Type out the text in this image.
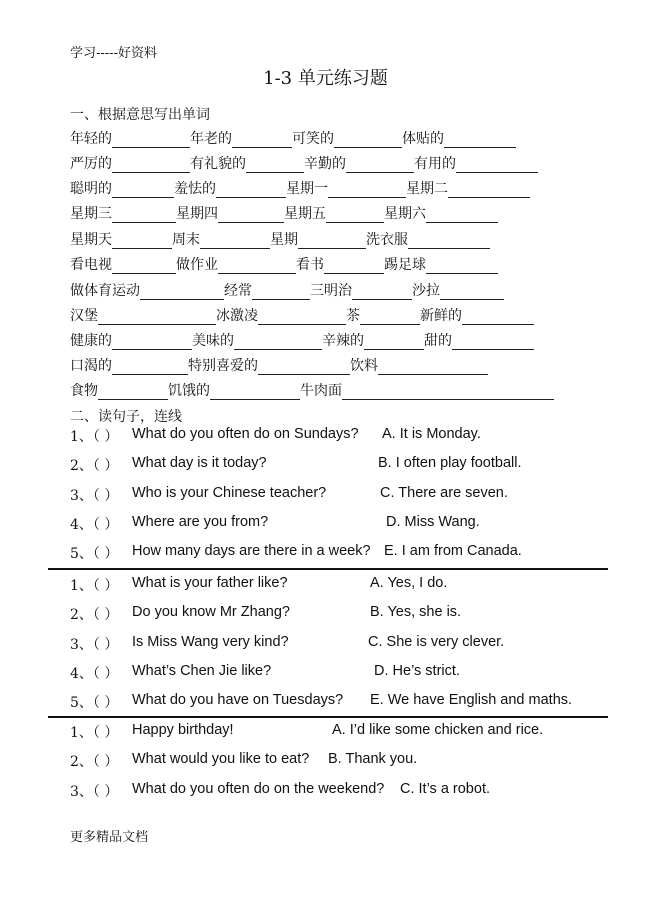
学习-----好资料
1-3 单元练习题
一、根据意思写出单词
年轻的	年老的	可笑的	体贴的
严厉的	有礼貌的	辛勤的	有用的
聪明的	羞怯的	星期一	星期二
星期三	星期四	星期五	星期六
星期天	周末	星期	洗衣服
看电视	做作业	看书	踢足球
做体育运动	经常	三明治	沙拉
汉堡	冰激凌	茶	新鲜的
健康的	美味的	辛辣的	甜的
口渴的	特别喜爱的	饮料
食物	饥饿的	牛肉面
二、读句子，连线
1、（ ） What do you often do on Sundays? A. It is Monday.
2、（ ） What day is it today?	B. I often play football.
3、（ ） Who is your Chinese teacher?	C. There are seven.
4、（ ） Where are you from?	D. Miss Wang.
5、（ ） How many days are there in a week? E. I am from Canada.
1、（ ） What is your father like?	A. Yes, I do.
2、（ ） Do you know Mr Zhang?	B. Yes, she is.
3、（ ） Is Miss Wang very kind?	C. She is very clever.
4、（ ） What’s Chen Jie like?	D. He’s strict.
5、（ ） What do you have on Tuesdays? E. We have English and maths.
1、（ ） Happy birthday!	A. I’d like some chicken and rice.
2、（ ） What would you like to eat? B. Thank you.
3、（ ） What do you often do on the weekend? C. It’s a robot.
更多精品文档
